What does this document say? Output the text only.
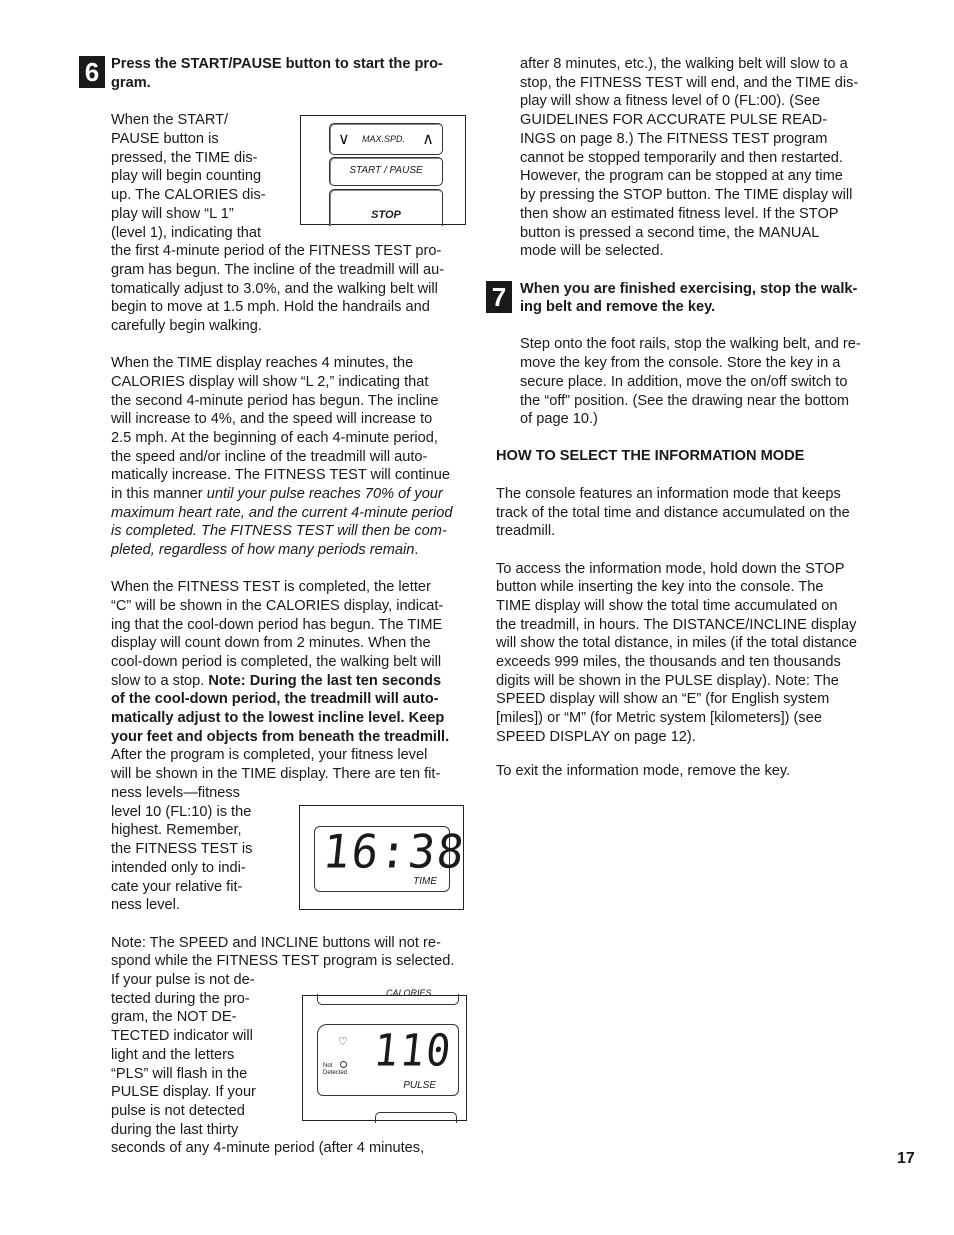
6 Press the START/PAUSE button to start the pro-

gram.

When the START/

PAUSE button is

pressed, the TIME dis-

play will begin counting

up. The CALORIES dis-

play will show “L 1”

(level 1), indicating that

the first 4-minute period of the FITNESS TEST pro-

gram has begun. The incline of the treadmill will au-

tomatically adjust to 3.0%, and the walking belt will

begin to move at 1.5 mph. Hold the handrails and

carefully begin walking.

∨ MAX.SPD. ∧
START / PAUSE
STOP

When the TIME display reaches 4 minutes, the

CALORIES display will show “L 2,” indicating that

the second 4-minute period has begun. The incline

will increase to 4%, and the speed will increase to

2.5 mph. At the beginning of each 4-minute period,

the speed and/or incline of the treadmill will auto-

matically increase. The FITNESS TEST will continue

in this manner until your pulse reaches 70% of your

maximum heart rate, and the current 4-minute period

is completed. The FITNESS TEST will then be com-

pleted, regardless of how many periods remain.

When the FITNESS TEST is completed, the letter

“C” will be shown in the CALORIES display, indicat-

ing that the cool-down period has begun. The TIME

display will count down from 2 minutes. When the

cool-down period is completed, the walking belt will

slow to a stop. Note: During the last ten seconds

of the cool-down period, the treadmill will auto-

matically adjust to the lowest incline level. Keep

your feet and objects from beneath the treadmill.

After the program is completed, your fitness level

will be shown in the TIME display. There are ten fit-

ness levels—fitness

level 10 (FL:10) is the

highest. Remember,

the FITNESS TEST is

intended only to indi-

cate your relative fit-

ness level.

16:38
TIME

Note: The SPEED and INCLINE buttons will not re-

spond while the FITNESS TEST program is selected.

If your pulse is not de-

tected during the pro-

gram, the NOT DE-

TECTED indicator will

light and the letters

“PLS” will flash in the

PULSE display. If your

pulse is not detected

during the last thirty

seconds of any 4-minute period (after 4 minutes,

CALORIES
♡
Not
Detected 110
PULSE

after 8 minutes, etc.), the walking belt will slow to a

stop, the FITNESS TEST will end, and the TIME dis-

play will show a fitness level of 0 (FL:00). (See

GUIDELINES FOR ACCURATE PULSE READ-

INGS on page 8.) The FITNESS TEST program

cannot be stopped temporarily and then restarted.

However, the program can be stopped at any time

by pressing the STOP button. The TIME display will

then show an estimated fitness level. If the STOP

button is pressed a second time, the MANUAL

mode will be selected.

7 When you are finished exercising, stop the walk-

ing belt and remove the key.

Step onto the foot rails, stop the walking belt, and re-

move the key from the console. Store the key in a

secure place. In addition, move the on/off switch to

the “off” position. (See the drawing near the bottom

of page 10.)

HOW TO SELECT THE INFORMATION MODE

The console features an information mode that keeps

track of the total time and distance accumulated on the

treadmill.

To access the information mode, hold down the STOP

button while inserting the key into the console. The

TIME display will show the total time accumulated on

the treadmill, in hours. The DISTANCE/INCLINE display

will show the total distance, in miles (if the total distance

exceeds 999 miles, the thousands and ten thousands

digits will be shown in the PULSE display). Note: The

SPEED display will show an “E” (for English system

[miles]) or “M” (for Metric system [kilometers]) (see

SPEED DISPLAY on page 12).

To exit the information mode, remove the key.

17
